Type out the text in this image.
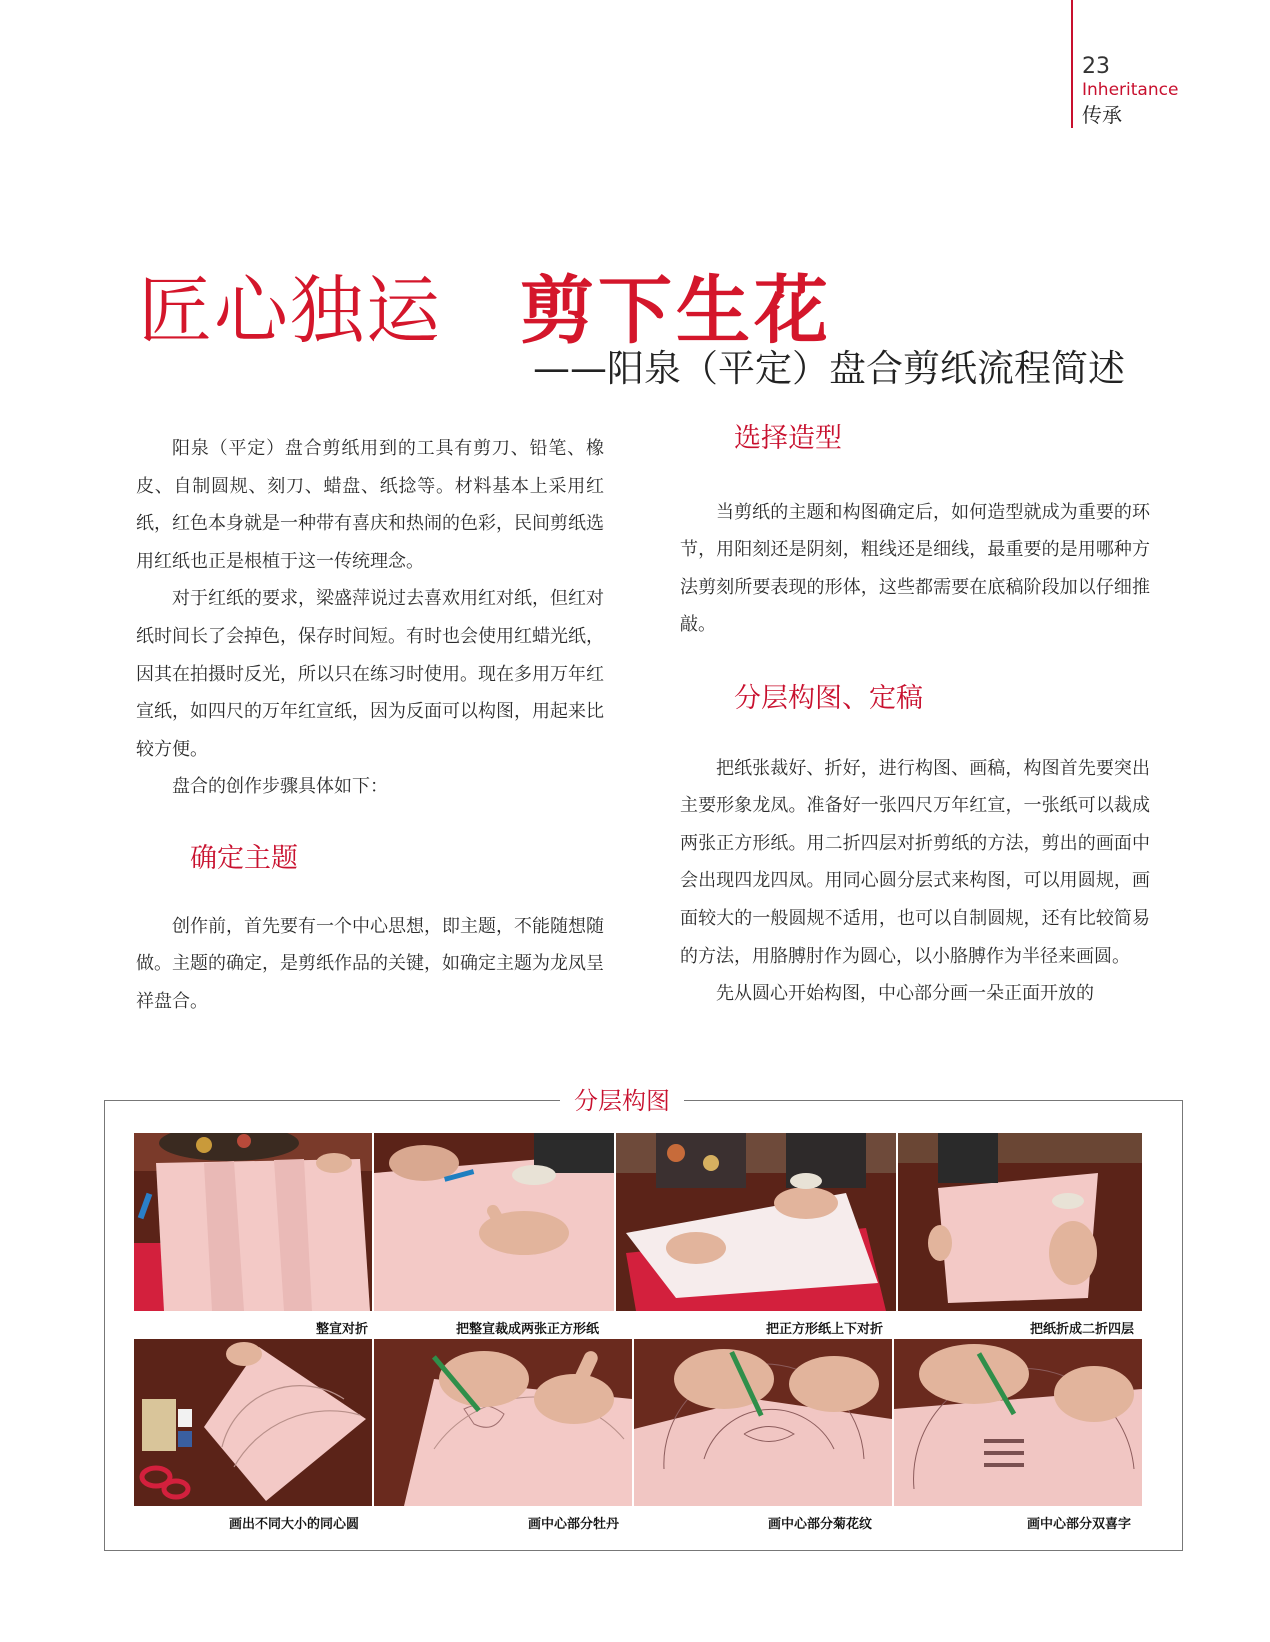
23
Inheritance
传承
匠心独运 剪下生花
——阳泉（平定）盘合剪纸流程简述

阳泉（平定）盘合剪纸用到的工具有剪刀、铅笔、橡皮、自制圆规、刻刀、蜡盘、纸捻等。材料基本上采用红纸，红色本身就是一种带有喜庆和热闹的色彩，民间剪纸选用红纸也正是根植于这一传统理念。

对于红纸的要求，梁盛萍说过去喜欢用红对纸，但红对纸时间长了会掉色，保存时间短。有时也会使用红蜡光纸，因其在拍摄时反光，所以只在练习时使用。现在多用万年红宣纸，如四尺的万年红宣纸，因为反面可以构图，用起来比较方便。

盘合的创作步骤具体如下：

确定主题

创作前，首先要有一个中心思想，即主题，不能随想随做。主题的确定，是剪纸作品的关键，如确定主题为龙凤呈祥盘合。

选择造型

当剪纸的主题和构图确定后，如何造型就成为重要的环节，用阳刻还是阴刻，粗线还是细线，最重要的是用哪种方法剪刻所要表现的形体，这些都需要在底稿阶段加以仔细推敲。

分层构图、定稿

把纸张裁好、折好，进行构图、画稿，构图首先要突出主要形象龙凤。准备好一张四尺万年红宣，一张纸可以裁成两张正方形纸。用二折四层对折剪纸的方法，剪出的画面中会出现四龙四凤。用同心圆分层式来构图，可以用圆规，画面较大的一般圆规不适用，也可以自制圆规，还有比较简易的方法，用胳膊肘作为圆心，以小胳膊作为半径来画圆。

先从圆心开始构图，中心部分画一朵正面开放的

分层构图
整宣对折	把整宣裁成两张正方形纸	把正方形纸上下对折	把纸折成二折四层
画出不同大小的同心圆	画中心部分牡丹	画中心部分菊花纹	画中心部分双喜字
